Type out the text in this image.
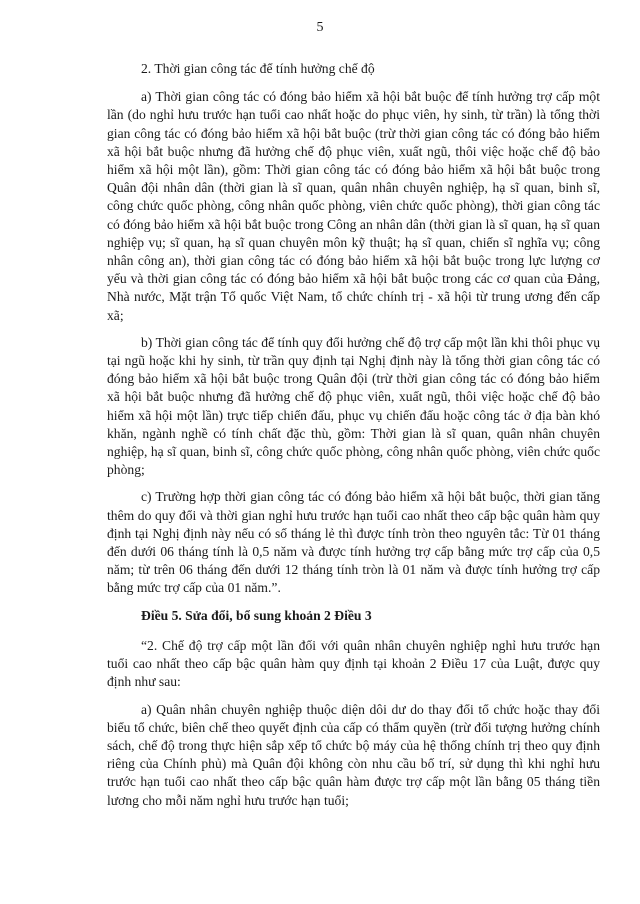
5

2. Thời gian công tác để tính hưởng chế độ

a) Thời gian công tác có đóng bảo hiểm xã hội bắt buộc để tính hưởng trợ cấp một lần (do nghỉ hưu trước hạn tuổi cao nhất hoặc do phục viên, hy sinh, từ trần) là tổng thời gian công tác có đóng bảo hiểm xã hội bắt buộc (trừ thời gian công tác có đóng bảo hiểm xã hội bắt buộc nhưng đã hưởng chế độ phục viên, xuất ngũ, thôi việc hoặc chế độ bảo hiểm xã hội một lần), gồm: Thời gian công tác có đóng bảo hiểm xã hội bắt buộc trong Quân đội nhân dân (thời gian là sĩ quan, quân nhân chuyên nghiệp, hạ sĩ quan, binh sĩ, công chức quốc phòng, công nhân quốc phòng, viên chức quốc phòng), thời gian công tác có đóng bảo hiểm xã hội bắt buộc trong Công an nhân dân (thời gian là sĩ quan, hạ sĩ quan nghiệp vụ; sĩ quan, hạ sĩ quan chuyên môn kỹ thuật; hạ sĩ quan, chiến sĩ nghĩa vụ; công nhân công an), thời gian công tác có đóng bảo hiểm xã hội bắt buộc trong lực lượng cơ yếu và thời gian công tác có đóng bảo hiểm xã hội bắt buộc trong các cơ quan của Đảng, Nhà nước, Mặt trận Tổ quốc Việt Nam, tổ chức chính trị - xã hội từ trung ương đến cấp xã;

b) Thời gian công tác để tính quy đổi hưởng chế độ trợ cấp một lần khi thôi phục vụ tại ngũ hoặc khi hy sinh, từ trần quy định tại Nghị định này là tổng thời gian công tác có đóng bảo hiểm xã hội bắt buộc trong Quân đội (trừ thời gian công tác có đóng bảo hiểm xã hội bắt buộc nhưng đã hưởng chế độ phục viên, xuất ngũ, thôi việc hoặc chế độ bảo hiểm xã hội một lần) trực tiếp chiến đấu, phục vụ chiến đấu hoặc công tác ở địa bàn khó khăn, ngành nghề có tính chất đặc thù, gồm: Thời gian là sĩ quan, quân nhân chuyên nghiệp, hạ sĩ quan, binh sĩ, công chức quốc phòng, công nhân quốc phòng, viên chức quốc phòng;

c) Trường hợp thời gian công tác có đóng bảo hiểm xã hội bắt buộc, thời gian tăng thêm do quy đổi và thời gian nghỉ hưu trước hạn tuổi cao nhất theo cấp bậc quân hàm quy định tại Nghị định này nếu có số tháng lẻ thì được tính tròn theo nguyên tắc: Từ 01 tháng đến dưới 06 tháng tính là 0,5 năm và được tính hưởng trợ cấp bằng mức trợ cấp của 0,5 năm; từ trên 06 tháng đến dưới 12 tháng tính tròn là 01 năm và được tính hưởng trợ cấp bằng mức trợ cấp của 01 năm.”.

Điều 5. Sửa đổi, bổ sung khoản 2 Điều 3

“2. Chế độ trợ cấp một lần đối với quân nhân chuyên nghiệp nghỉ hưu trước hạn tuổi cao nhất theo cấp bậc quân hàm quy định tại khoản 2 Điều 17 của Luật, được quy định như sau:

a) Quân nhân chuyên nghiệp thuộc diện dôi dư do thay đổi tổ chức hoặc thay đổi biểu tổ chức, biên chế theo quyết định của cấp có thẩm quyền (trừ đối tượng hưởng chính sách, chế độ trong thực hiện sắp xếp tổ chức bộ máy của hệ thống chính trị theo quy định riêng của Chính phủ) mà Quân đội không còn nhu cầu bố trí, sử dụng thì khi nghỉ hưu trước hạn tuổi cao nhất theo cấp bậc quân hàm được trợ cấp một lần bằng 05 tháng tiền lương cho mỗi năm nghỉ hưu trước hạn tuổi;
